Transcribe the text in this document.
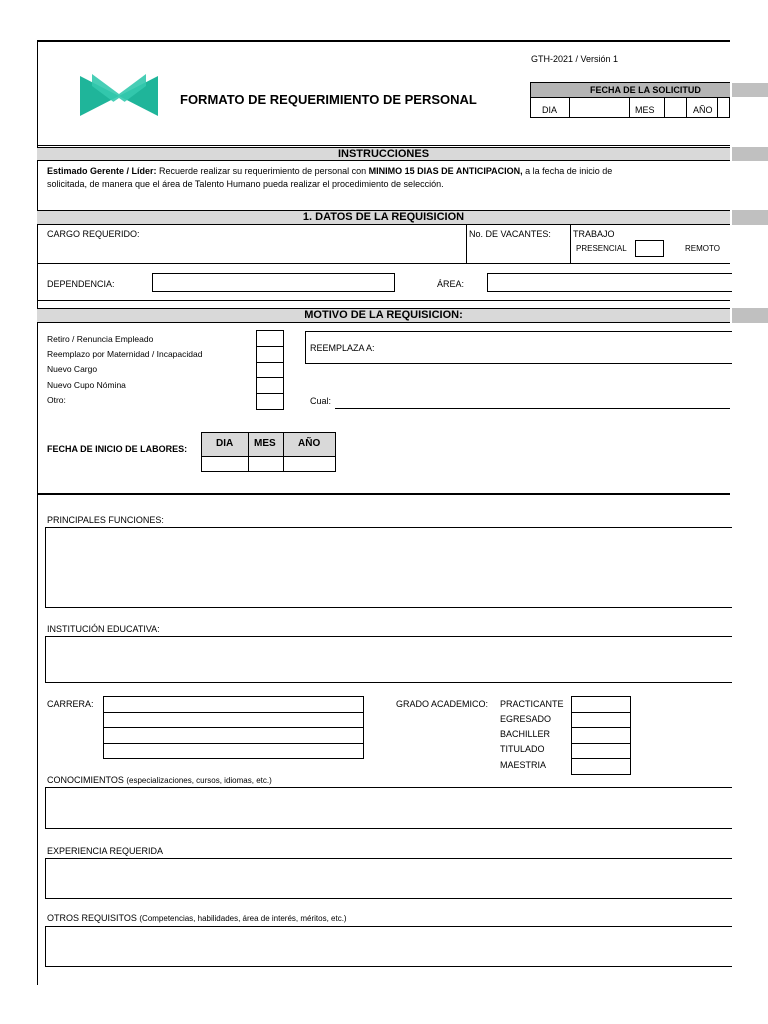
FORMATO DE REQUERIMIENTO DE PERSONAL
GTH-2021 / Versión 1
FECHA DE LA SOLICITUD
DIA	MES	AÑO
INSTRUCCIONES
Estimado Gerente / Líder: Recuerde realizar su requerimiento de personal con MINIMO 15 DIAS DE ANTICIPACION, a la fecha de inicio de
solicitada, de manera que el área de Talento Humano pueda realizar el procedimiento de selección.
1. DATOS DE LA REQUISICION
CARGO REQUERIDO:	No. DE VACANTES: TRABAJO
PRESENCIAL	REMOTO
DEPENDENCIA:	ÁREA:
MOTIVO DE LA REQUISICION:
Retiro / Renuncia Empleado
Reemplazo por Maternidad / Incapacidad
Nuevo Cargo
Nuevo Cupo Nómina
Otro:
REEMPLAZA A:
Cual:
FECHA DE INICIO DE LABORES:	DIA MES AÑO
PRINCIPALES FUNCIONES:
INSTITUCIÓN EDUCATIVA:
CARRERA:	GRADO ACADEMICO: PRACTICANTE
EGRESADO
BACHILLER
TITULADO
MAESTRIA
CONOCIMIENTOS (especializaciones, cursos, idiomas, etc.)
EXPERIENCIA REQUERIDA
OTROS REQUISITOS (Competencias, habilidades, área de interés, méritos, etc.)
